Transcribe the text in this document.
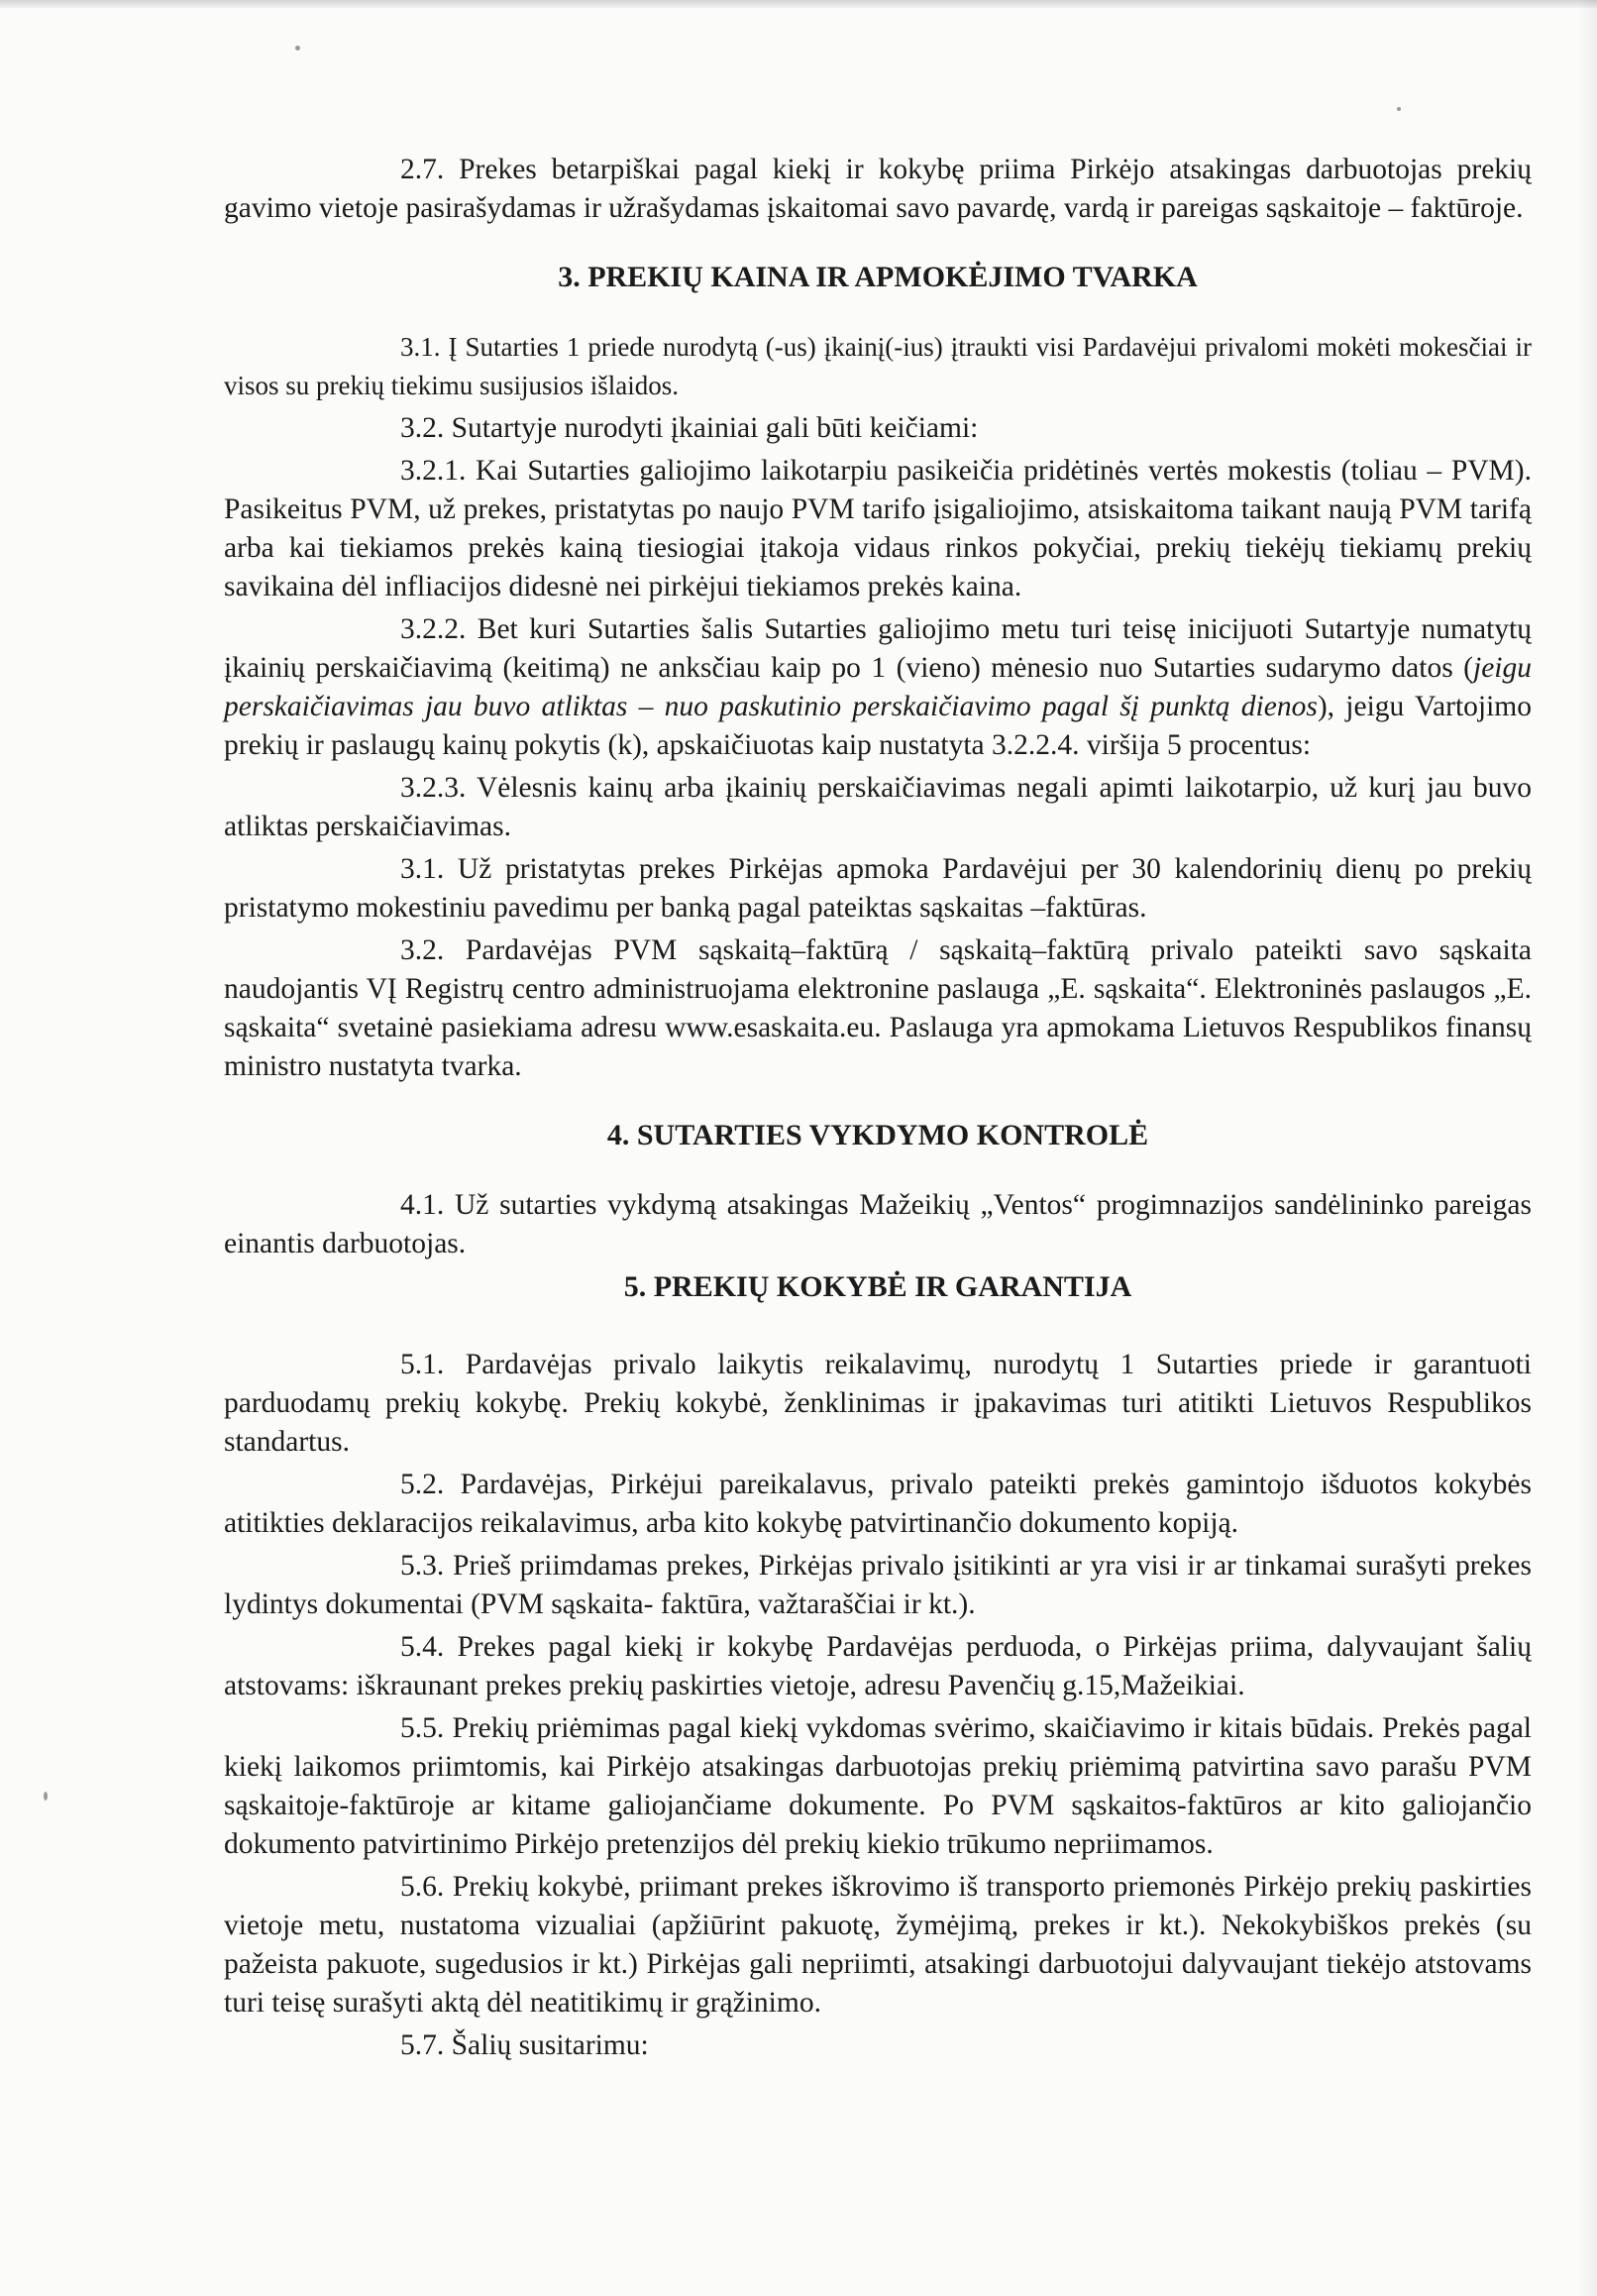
2.7. Prekes betarpiškai pagal kiekį ir kokybę priima Pirkėjo atsakingas darbuotojas prekių gavimo vietoje pasirašydamas ir užrašydamas įskaitomai savo pavardę, vardą ir pareigas sąskaitoje – faktūroje.

3. PREKIŲ KAINA IR APMOKĖJIMO TVARKA

3.1. Į Sutarties 1 priede nurodytą (-us) įkainį(-ius) įtraukti visi Pardavėjui privalomi mokėti mokesčiai ir visos su prekių tiekimu susijusios išlaidos.

3.2. Sutartyje nurodyti įkainiai gali būti keičiami:

3.2.1. Kai Sutarties galiojimo laikotarpiu pasikeičia pridėtinės vertės mokestis (toliau – PVM). Pasikeitus PVM, už prekes, pristatytas po naujo PVM tarifo įsigaliojimo, atsiskaitoma taikant naują PVM tarifą arba kai tiekiamos prekės kainą tiesiogiai įtakoja vidaus rinkos pokyčiai, prekių tiekėjų tiekiamų prekių savikaina dėl infliacijos didesnė nei pirkėjui tiekiamos prekės kaina.

3.2.2. Bet kuri Sutarties šalis Sutarties galiojimo metu turi teisę inicijuoti Sutartyje numatytų įkainių perskaičiavimą (keitimą) ne anksčiau kaip po 1 (vieno) mėnesio nuo Sutarties sudarymo datos (jeigu perskaičiavimas jau buvo atliktas – nuo paskutinio perskaičiavimo pagal šį punktą dienos), jeigu Vartojimo prekių ir paslaugų kainų pokytis (k), apskaičiuotas kaip nustatyta 3.2.2.4. viršija 5 procentus:

3.2.3. Vėlesnis kainų arba įkainių perskaičiavimas negali apimti laikotarpio, už kurį jau buvo atliktas perskaičiavimas.

3.1. Už pristatytas prekes Pirkėjas apmoka Pardavėjui per 30 kalendorinių dienų po prekių pristatymo mokestiniu pavedimu per banką pagal pateiktas sąskaitas –faktūras.

3.2. Pardavėjas PVM sąskaitą–faktūrą / sąskaitą–faktūrą privalo pateikti savo sąskaita naudojantis VĮ Registrų centro administruojama elektronine paslauga „E. sąskaita“. Elektroninės paslaugos „E. sąskaita“ svetainė pasiekiama adresu www.esaskaita.eu. Paslauga yra apmokama Lietuvos Respublikos finansų ministro nustatyta tvarka.

4. SUTARTIES VYKDYMO KONTROLĖ

4.1. Už sutarties vykdymą atsakingas Mažeikių „Ventos“ progimnazijos sandėlininko pareigas einantis darbuotojas.

5. PREKIŲ KOKYBĖ IR GARANTIJA

5.1. Pardavėjas privalo laikytis reikalavimų, nurodytų 1 Sutarties priede ir garantuoti parduodamų prekių kokybę. Prekių kokybė, ženklinimas ir įpakavimas turi atitikti Lietuvos Respublikos standartus.

5.2. Pardavėjas, Pirkėjui pareikalavus, privalo pateikti prekės gamintojo išduotos kokybės atitikties deklaracijos reikalavimus, arba kito kokybę patvirtinančio dokumento kopiją.

5.3. Prieš priimdamas prekes, Pirkėjas privalo įsitikinti ar yra visi ir ar tinkamai surašyti prekes lydintys dokumentai (PVM sąskaita- faktūra, važtaraščiai ir kt.).

5.4. Prekes pagal kiekį ir kokybę Pardavėjas perduoda, o Pirkėjas priima, dalyvaujant šalių atstovams: iškraunant prekes prekių paskirties vietoje, adresu Pavenčių g.15,Mažeikiai.

5.5. Prekių priėmimas pagal kiekį vykdomas svėrimo, skaičiavimo ir kitais būdais. Prekės pagal kiekį laikomos priimtomis, kai Pirkėjo atsakingas darbuotojas prekių priėmimą patvirtina savo parašu PVM sąskaitoje-faktūroje ar kitame galiojančiame dokumente. Po PVM sąskaitos-faktūros ar kito galiojančio dokumento patvirtinimo Pirkėjo pretenzijos dėl prekių kiekio trūkumo nepriimamos.

5.6. Prekių kokybė, priimant prekes iškrovimo iš transporto priemonės Pirkėjo prekių paskirties vietoje metu, nustatoma vizualiai (apžiūrint pakuotę, žymėjimą, prekes ir kt.). Nekokybiškos prekės (su pažeista pakuote, sugedusios ir kt.) Pirkėjas gali nepriimti, atsakingi darbuotojui dalyvaujant tiekėjo atstovams turi teisę surašyti aktą dėl neatitikimų ir grąžinimo.

5.7. Šalių susitarimu:
